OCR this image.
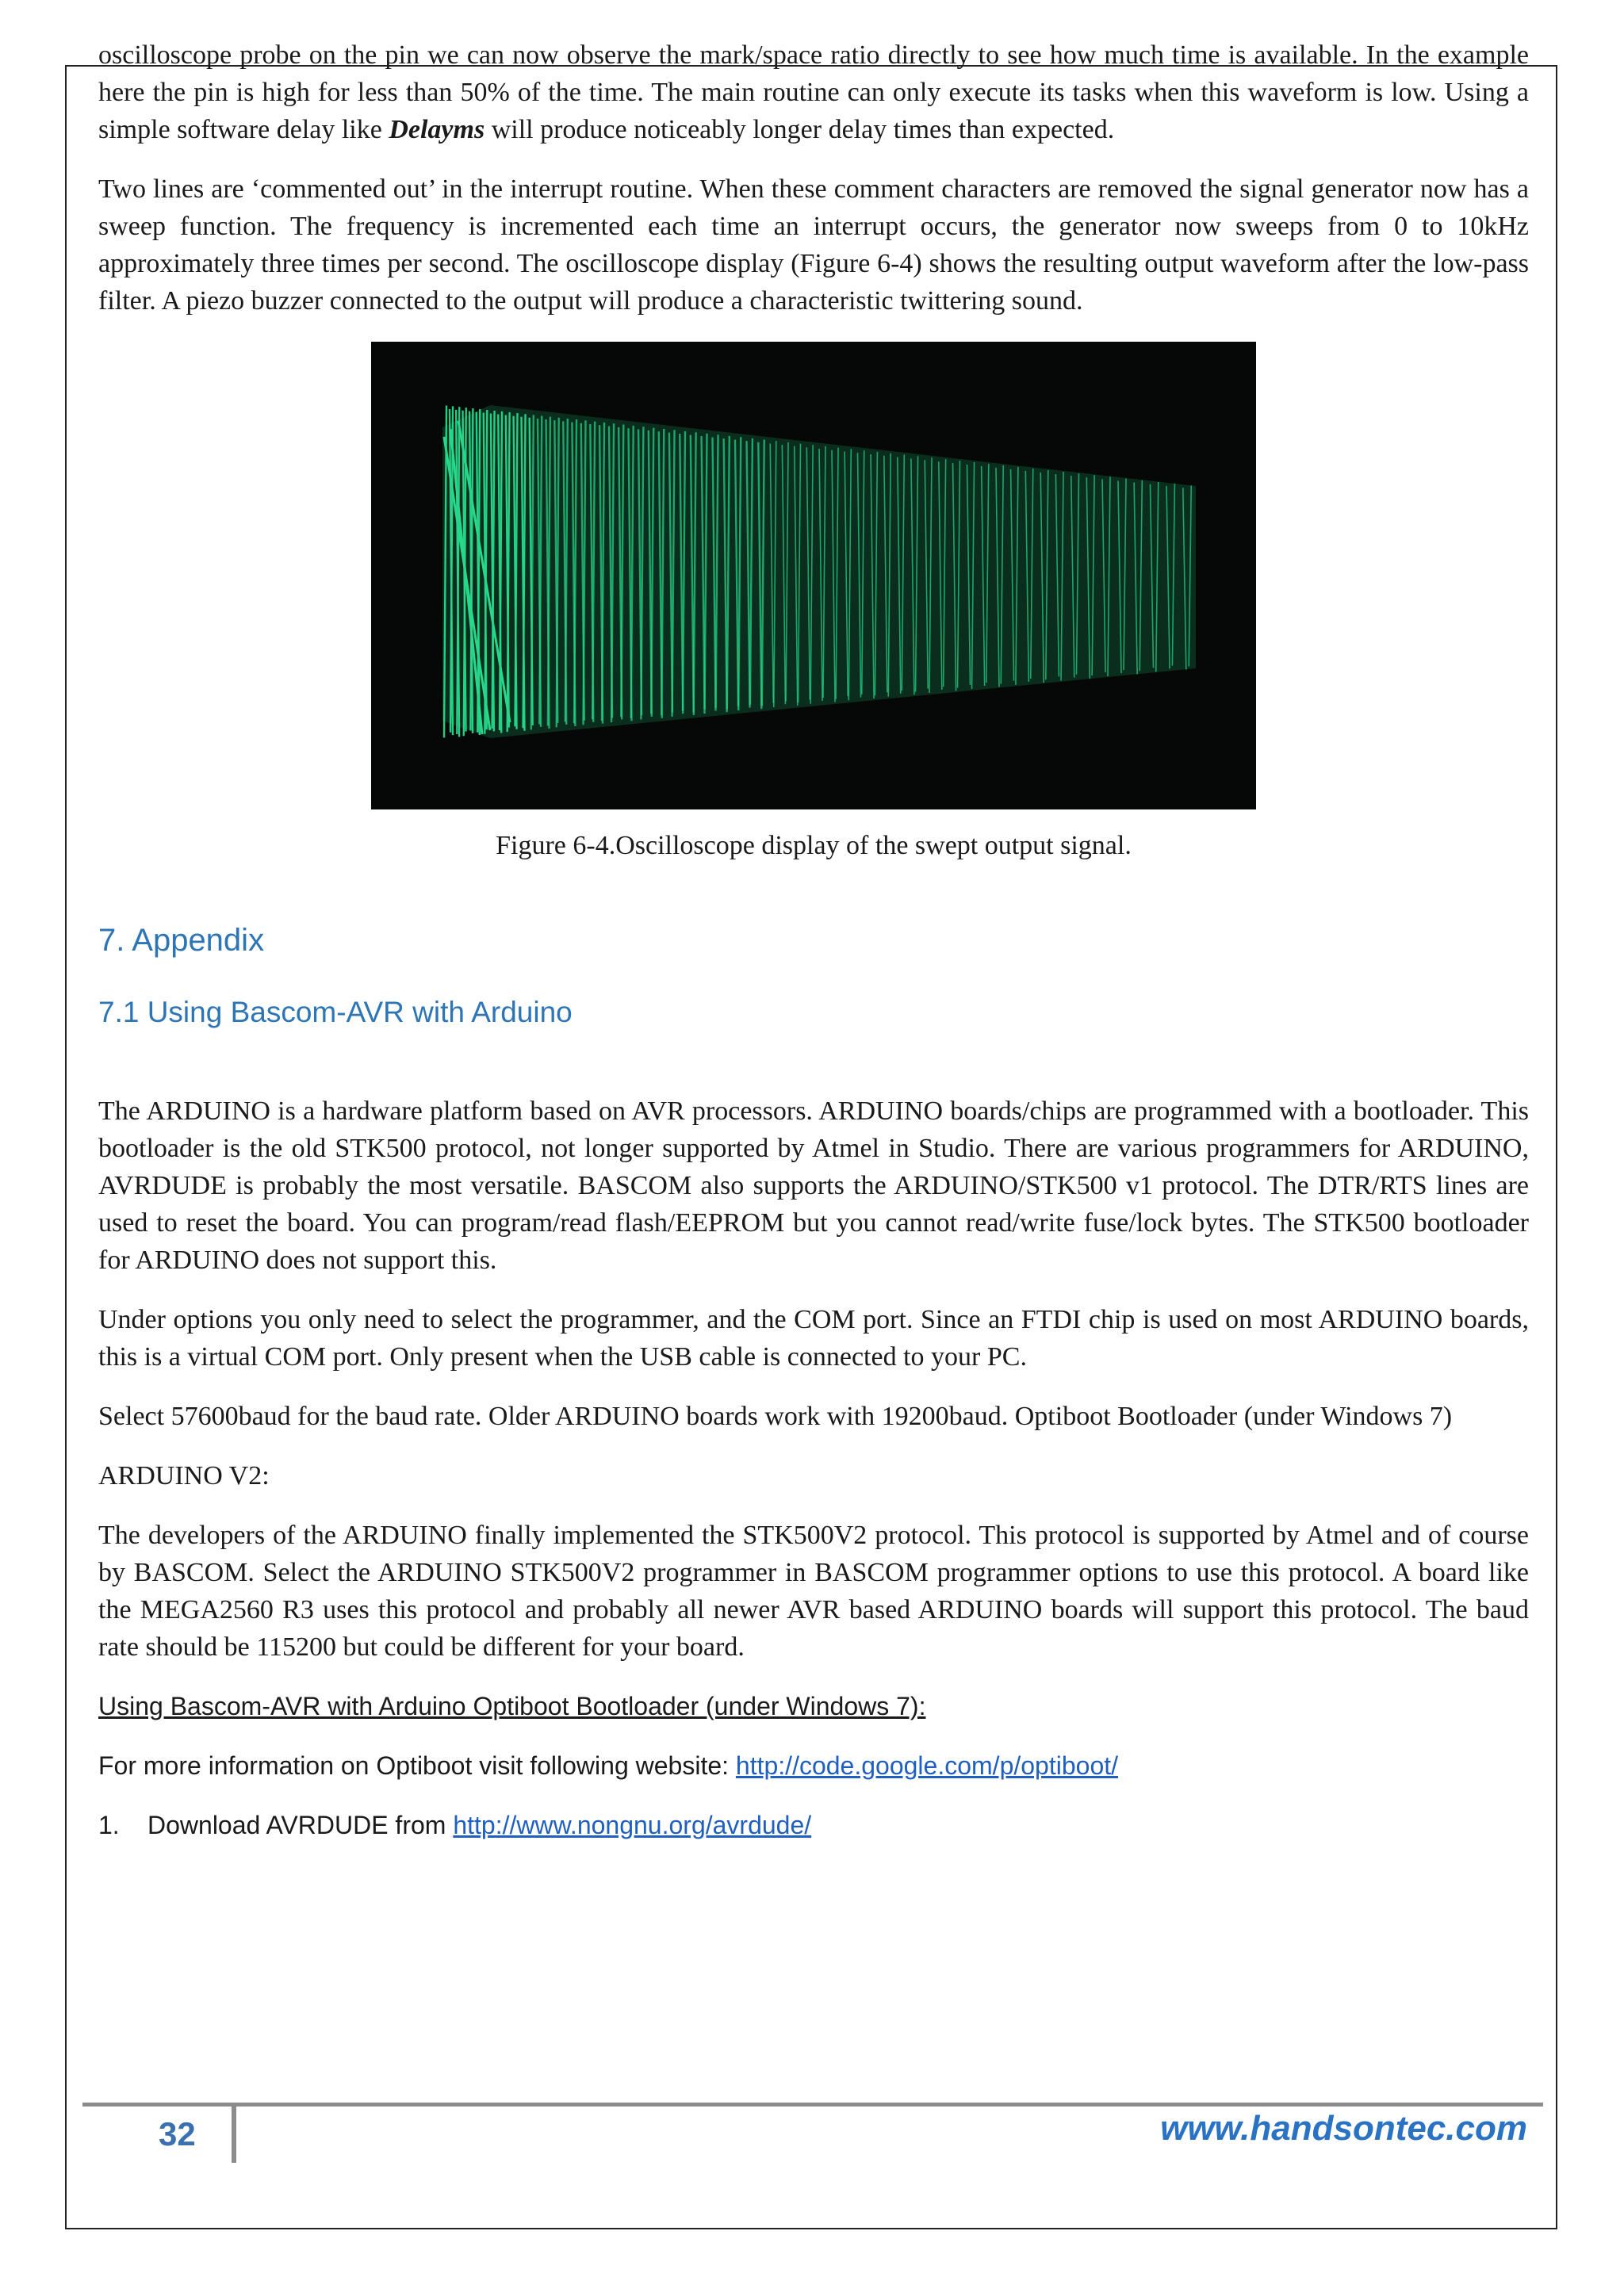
oscilloscope probe on the pin we can now observe the mark/space ratio directly to see how much time is available. In the example here the pin is high for less than 50% of the time. The main routine can only execute its tasks when this waveform is low. Using a simple software delay like Delayms will produce noticeably longer delay times than expected.

Two lines are ‘commented out’ in the interrupt routine. When these comment characters are removed the signal generator now has a sweep function. The frequency is incremented each time an interrupt occurs, the generator now sweeps from 0 to 10kHz approximately three times per second. The oscilloscope display (Figure 6-4) shows the resulting output waveform after the low-pass filter. A piezo buzzer connected to the output will produce a characteristic twittering sound.

Figure 6-4.Oscilloscope display of the swept output signal.
7. Appendix
7.1 Using Bascom-AVR with Arduino

The ARDUINO is a hardware platform based on AVR processors. ARDUINO boards/chips are programmed with a bootloader. This bootloader is the old STK500 protocol, not longer supported by Atmel in Studio. There are various programmers for ARDUINO, AVRDUDE is probably the most versatile. BASCOM also supports the ARDUINO/STK500 v1 protocol. The DTR/RTS lines are used to reset the board. You can program/read flash/EEPROM but you cannot read/write fuse/lock bytes. The STK500 bootloader for ARDUINO does not support this.

Under options you only need to select the programmer, and the COM port. Since an FTDI chip is used on most ARDUINO boards, this is a virtual COM port. Only present when the USB cable is connected to your PC.

Select 57600baud for the baud rate. Older ARDUINO boards work with 19200baud. Optiboot Bootloader (under Windows 7)

ARDUINO V2:

The developers of the ARDUINO finally implemented the STK500V2 protocol. This protocol is supported by Atmel and of course by BASCOM. Select the ARDUINO STK500V2 programmer in BASCOM programmer options to use this protocol. A board like the MEGA2560 R3 uses this protocol and probably all newer AVR based ARDUINO boards will support this protocol. The baud rate should be 115200 but could be different for your board.

Using Bascom-AVR with Arduino Optiboot Bootloader (under Windows 7):

For more information on Optiboot visit following website: http://code.google.com/p/optiboot/

1. Download AVRDUDE from http://www.nongnu.org/avrdude/

32	www.handsontec.com
